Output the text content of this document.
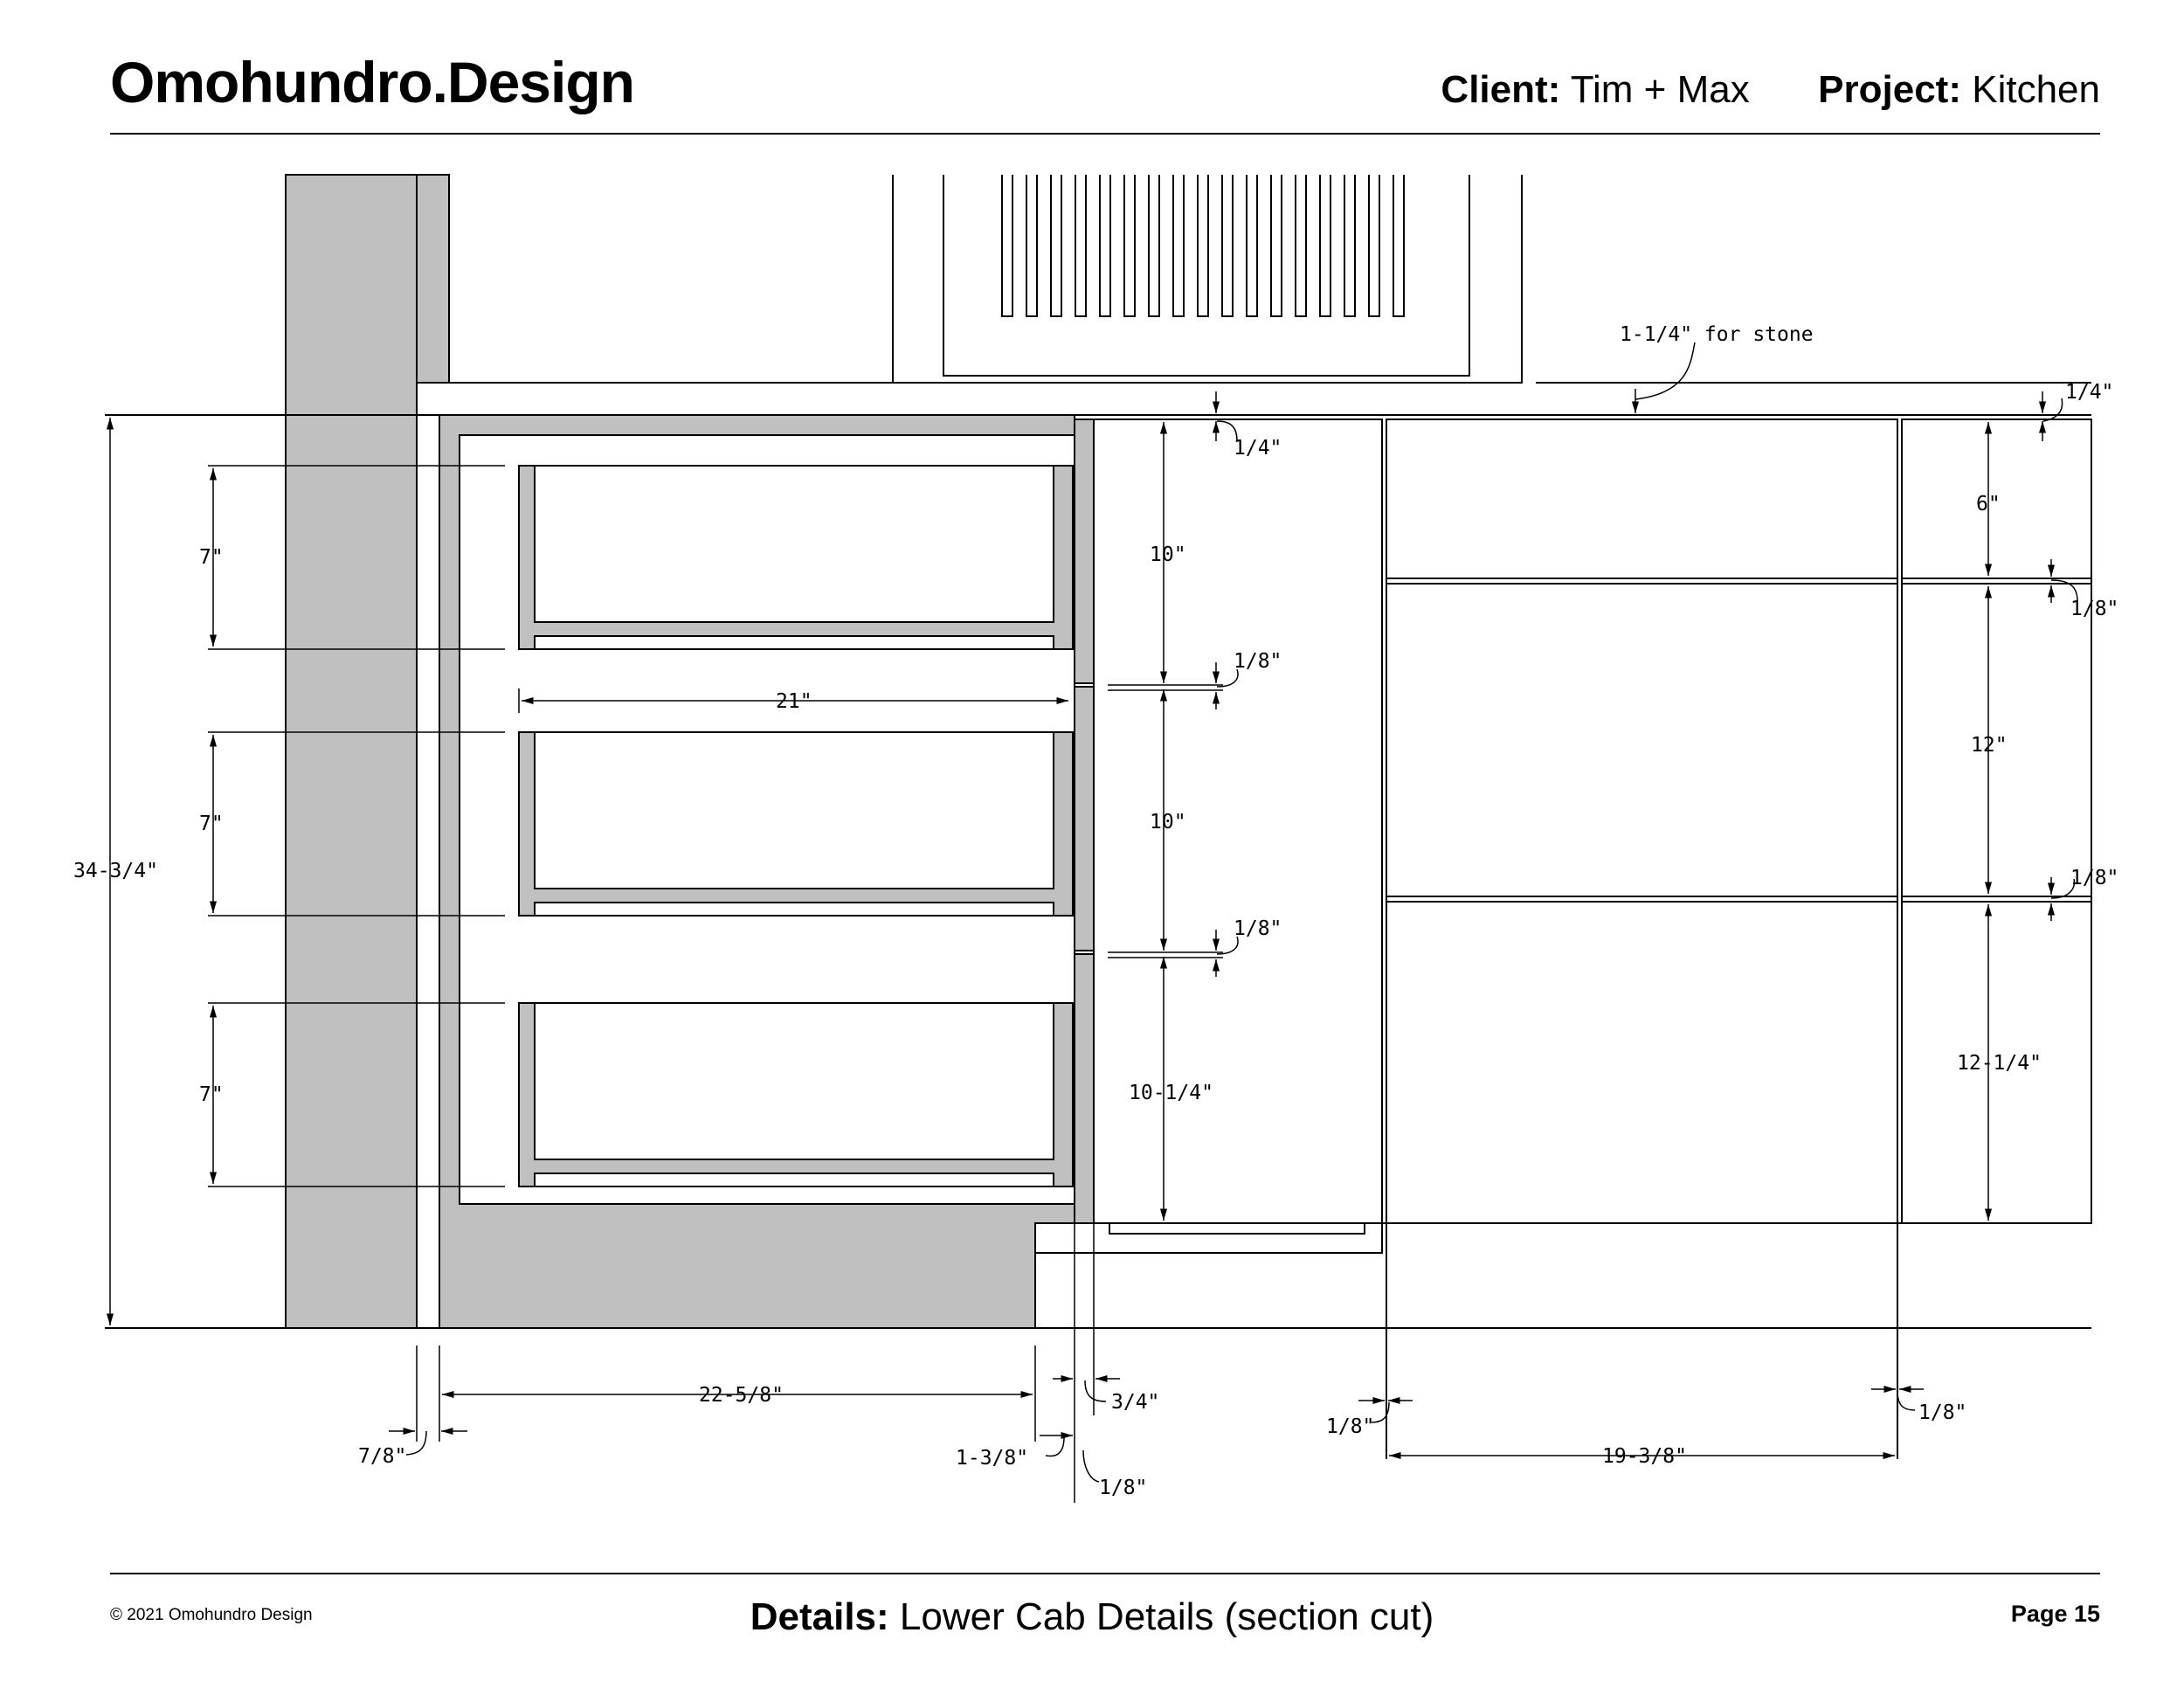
Omohundro.Design	Client: Tim + Max Project: Kitchen
34-3/4"
7"
7"
7"
21"
22-5/8"
7/8"	1-3/8"
1/8"
3/4"
1/4"
10"
1/8"
10"
1/8"
10-1/4"
1-1/4" for stone
1/4"
6"
1/8"
12"
1/8"
12-1/4"
1/8"
19-3/8"
1/8"
© 2021 Omohundro Design	Details: Lower Cab Details (section cut)	Page 15
